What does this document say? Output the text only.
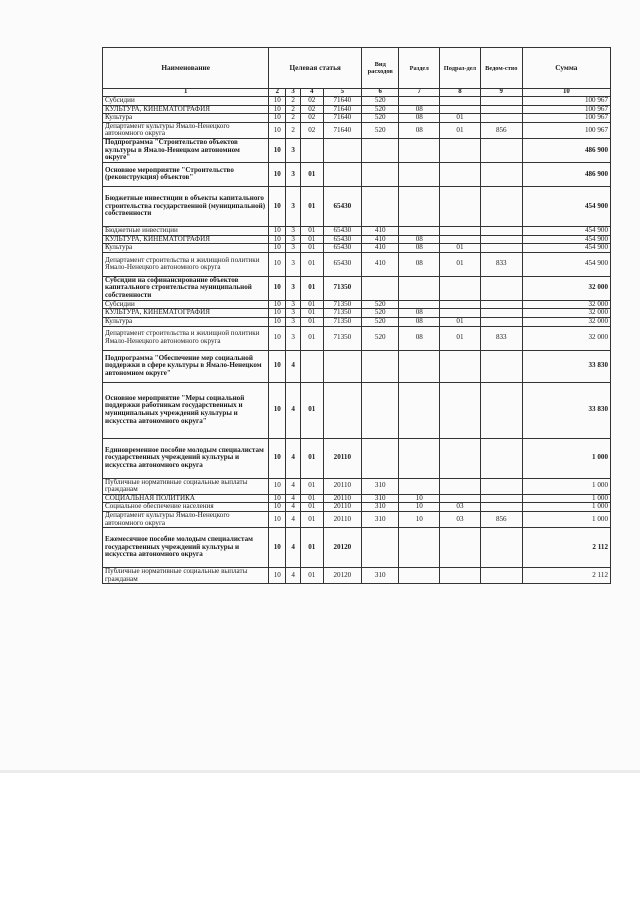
Наименование	Целевая статья				Вид расходов	Раздел	Подраз-дел	Ведом-ство	Сумма
1	2	3	4	5	6	7	8	9	10
Субсидии	10	2	02	71640	520				100 967
КУЛЬТУРА, КИНЕМАТОГРАФИЯ	10	2	02	71640	520	08			100 967
Культура	10	2	02	71640	520	08	01		100 967
Департамент культуры Ямало-Ненецкого автономного округа	10	2	02	71640	520	08	01	856	100 967
Подпрограмма "Строительство объектов культуры в Ямало-Ненецком автономном округе"	10	3							486 900
Основное мероприятие "Строительство (реконструкция) объектов"	10	3	01						486 900
Бюджетные инвестиции в объекты капитального строительства государственной (муниципальной) собственности	10	3	01	65430					454 900
Бюджетные инвестиции	10	3	01	65430	410				454 900
КУЛЬТУРА, КИНЕМАТОГРАФИЯ	10	3	01	65430	410	08			454 900
Культура	10	3	01	65430	410	08	01		454 900
Департамент строительства и жилищной политики Ямало-Ненецкого автономного округа	10	3	01	65430	410	08	01	833	454 900
Субсидии на софинансирование объектов капитального строительства муниципальной собственности	10	3	01	71350					32 000
Субсидии	10	3	01	71350	520				32 000
КУЛЬТУРА, КИНЕМАТОГРАФИЯ	10	3	01	71350	520	08			32 000
Культура	10	3	01	71350	520	08	01		32 000
Департамент строительства и жилищной политики Ямало-Ненецкого автономного округа	10	3	01	71350	520	08	01	833	32 000
Подпрограмма "Обеспечение мер социальной поддержки в сфере культуры в Ямало-Ненецком автономном округе"	10	4							33 830
Основное мероприятие "Меры социальной поддержки работникам государственных и муниципальных учреждений культуры и искусства автономного округа"	10	4	01						33 830
Единовременное пособие молодым специалистам государственных учреждений культуры и искусства автономного округа	10	4	01	20110					1 000
Публичные нормативные социальные выплаты гражданам	10	4	01	20110	310				1 000
СОЦИАЛЬНАЯ ПОЛИТИКА	10	4	01	20110	310	10			1 000
Социальное обеспечение населения	10	4	01	20110	310	10	03		1 000
Департамент культуры Ямало-Ненецкого автономного округа	10	4	01	20110	310	10	03	856	1 000
Ежемесячное пособие молодым специалистам государственных учреждений культуры и искусства автономного округа	10	4	01	20120					2 112
Публичные нормативные социальные выплаты гражданам	10	4	01	20120	310				2 112
